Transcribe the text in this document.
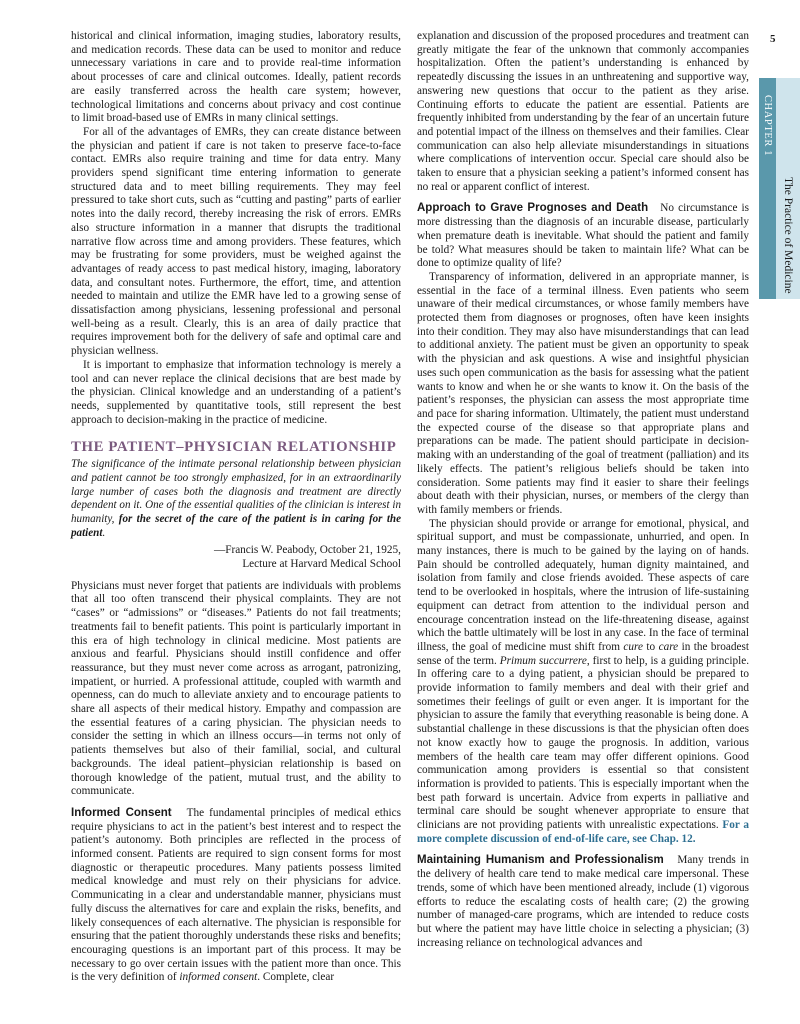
5
CHAPTER 1
The Practice of Medicine

historical and clinical information, imaging studies, laboratory results, and medication records. These data can be used to monitor and reduce unnecessary variations in care and to provide real-time information about processes of care and clinical outcomes. Ideally, patient records are easily transferred across the health care system; however, technological limitations and concerns about privacy and cost continue to limit broad-based use of EMRs in many clinical settings.

For all of the advantages of EMRs, they can create distance between the physician and patient if care is not taken to preserve face-to-face contact. EMRs also require training and time for data entry. Many providers spend significant time entering information to generate structured data and to meet billing requirements. They may feel pressured to take short cuts, such as “cutting and pasting” parts of earlier notes into the daily record, thereby increasing the risk of errors. EMRs also structure information in a manner that disrupts the traditional narrative flow across time and among providers. These features, which may be frustrating for some providers, must be weighed against the advantages of ready access to past medical history, imaging, laboratory data, and consultant notes. Furthermore, the effort, time, and attention needed to maintain and utilize the EMR have led to a growing sense of dissatisfaction among physicians, lessening professional and personal well-being as a result. Clearly, this is an area of daily practice that requires improvement both for the delivery of safe and optimal care and physician wellness.

It is important to emphasize that information technology is merely a tool and can never replace the clinical decisions that are best made by the physician. Clinical knowledge and an understanding of a patient’s needs, supplemented by quantitative tools, still represent the best approach to decision-making in the practice of medicine.

THE PATIENT–PHYSICIAN RELATIONSHIP

The significance of the intimate personal relationship between physician and patient cannot be too strongly emphasized, for in an extraordinarily large number of cases both the diagnosis and treatment are directly dependent on it. One of the essential qualities of the clinician is interest in humanity, for the secret of the care of the patient is in caring for the patient.

—Francis W. Peabody, October 21, 1925,

Lecture at Harvard Medical School

Physicians must never forget that patients are individuals with problems that all too often transcend their physical complaints. They are not “cases” or “admissions” or “diseases.” Patients do not fail treatments; treatments fail to benefit patients. This point is particularly important in this era of high technology in clinical medicine. Most patients are anxious and fearful. Physicians should instill confidence and offer reassurance, but they must never come across as arrogant, patronizing, impatient, or hurried. A professional attitude, coupled with warmth and openness, can do much to alleviate anxiety and to encourage patients to share all aspects of their medical history. Empathy and compassion are the essential features of a caring physician. The physician needs to consider the setting in which an illness occurs—in terms not only of patients themselves but also of their familial, social, and cultural backgrounds. The ideal patient–physician relationship is based on thorough knowledge of the patient, mutual trust, and the ability to communicate.

Informed Consent The fundamental principles of medical ethics require physicians to act in the patient’s best interest and to respect the patient’s autonomy. Both principles are reflected in the process of informed consent. Patients are required to sign consent forms for most diagnostic or therapeutic procedures. Many patients possess limited medical knowledge and must rely on their physicians for advice. Communicating in a clear and understandable manner, physicians must fully discuss the alternatives for care and explain the risks, benefits, and likely consequences of each alternative. The physician is responsible for ensuring that the patient thoroughly understands these risks and benefits; encouraging questions is an important part of this process. It may be necessary to go over certain issues with the patient more than once. This is the very definition of informed consent. Complete, clear

explanation and discussion of the proposed procedures and treatment can greatly mitigate the fear of the unknown that commonly accompanies hospitalization. Often the patient’s understanding is enhanced by repeatedly discussing the issues in an unthreatening and supportive way, answering new questions that occur to the patient as they arise. Continuing efforts to educate the patient are essential. Patients are frequently inhibited from understanding by the fear of an uncertain future and potential impact of the illness on themselves and their families. Clear communication can also help alleviate misunderstandings in situations where complications of intervention occur. Special care should also be taken to ensure that a physician seeking a patient’s informed consent has no real or apparent conflict of interest.

Approach to Grave Prognoses and Death No circumstance is more distressing than the diagnosis of an incurable disease, particularly when premature death is inevitable. What should the patient and family be told? What measures should be taken to maintain life? What can be done to optimize quality of life?

Transparency of information, delivered in an appropriate manner, is essential in the face of a terminal illness. Even patients who seem unaware of their medical circumstances, or whose family members have protected them from diagnoses or prognoses, often have keen insights into their condition. They may also have misunderstandings that can lead to additional anxiety. The patient must be given an opportunity to speak with the physician and ask questions. A wise and insightful physician uses such open communication as the basis for assessing what the patient wants to know and when he or she wants to know it. On the basis of the patient’s responses, the physician can assess the most appropriate time and pace for sharing information. Ultimately, the patient must understand the expected course of the disease so that appropriate plans and preparations can be made. The patient should participate in decision-making with an understanding of the goal of treatment (palliation) and its likely effects. The patient’s religious beliefs should be taken into consideration. Some patients may find it easier to share their feelings about death with their physician, nurses, or members of the clergy than with family members or friends.

The physician should provide or arrange for emotional, physical, and spiritual support, and must be compassionate, unhurried, and open. In many instances, there is much to be gained by the laying on of hands. Pain should be controlled adequately, human dignity maintained, and isolation from family and close friends avoided. These aspects of care tend to be overlooked in hospitals, where the intrusion of life-sustaining equipment can detract from attention to the individual person and encourage concentration instead on the life-threatening disease, against which the battle ultimately will be lost in any case. In the face of terminal illness, the goal of medicine must shift from cure to care in the broadest sense of the term. Primum succurrere, first to help, is a guiding principle. In offering care to a dying patient, a physician should be prepared to provide information to family members and deal with their grief and sometimes their feelings of guilt or even anger. It is important for the physician to assure the family that everything reasonable is being done. A substantial challenge in these discussions is that the physician often does not know exactly how to gauge the prognosis. In addition, various members of the health care team may offer different opinions. Good communication among providers is essential so that consistent information is provided to patients. This is especially important when the best path forward is uncertain. Advice from experts in palliative and terminal care should be sought whenever appropriate to ensure that clinicians are not providing patients with unrealistic expectations. For a more complete discussion of end-of-life care, see Chap. 12.

Maintaining Humanism and Professionalism Many trends in the delivery of health care tend to make medical care impersonal. These trends, some of which have been mentioned already, include (1) vigorous efforts to reduce the escalating costs of health care; (2) the growing number of managed-care programs, which are intended to reduce costs but where the patient may have little choice in selecting a physician; (3) increasing reliance on technological advances and
